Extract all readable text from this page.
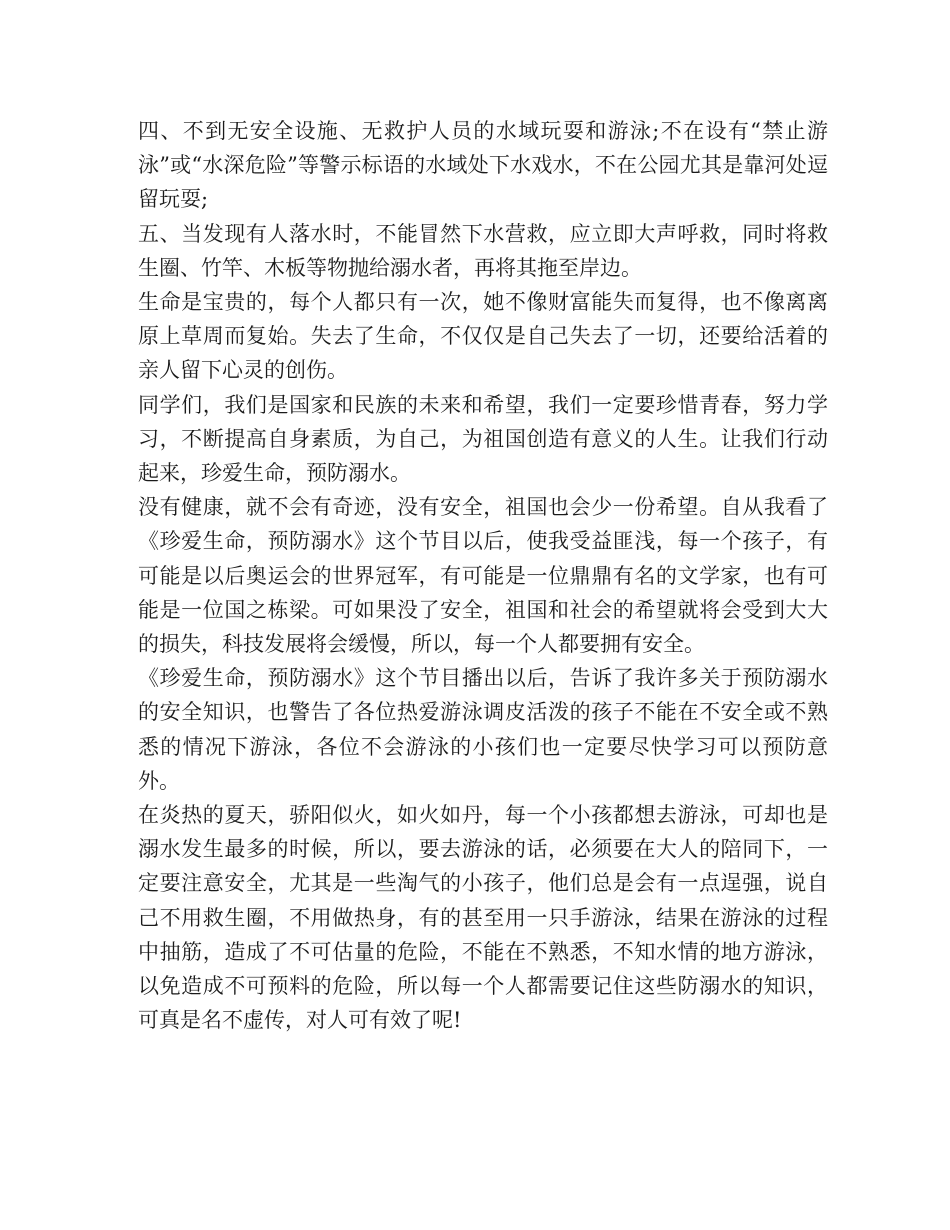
四、不到无安全设施、无救护人员的水域玩耍和游泳;不在设有“禁止游泳”或“水深危险”等警示标语的水域处下水戏水，不在公园尤其是靠河处逗留玩耍;

五、当发现有人落水时，不能冒然下水营救，应立即大声呼救，同时将救生圈、竹竿、木板等物抛给溺水者，再将其拖至岸边。

生命是宝贵的，每个人都只有一次，她不像财富能失而复得，也不像离离原上草周而复始。失去了生命，不仅仅是自己失去了一切，还要给活着的亲人留下心灵的创伤。

同学们，我们是国家和民族的未来和希望，我们一定要珍惜青春，努力学习，不断提高自身素质，为自己，为祖国创造有意义的人生。让我们行动起来，珍爱生命，预防溺水。

没有健康，就不会有奇迹，没有安全，祖国也会少一份希望。自从我看了《珍爱生命，预防溺水》这个节目以后，使我受益匪浅，每一个孩子，有可能是以后奥运会的世界冠军，有可能是一位鼎鼎有名的文学家，也有可能是一位国之栋梁。可如果没了安全，祖国和社会的希望就将会受到大大的损失，科技发展将会缓慢，所以，每一个人都要拥有安全。

《珍爱生命，预防溺水》这个节目播出以后，告诉了我许多关于预防溺水的安全知识，也警告了各位热爱游泳调皮活泼的孩子不能在不安全或不熟悉的情况下游泳，各位不会游泳的小孩们也一定要尽快学习可以预防意外。

在炎热的夏天，骄阳似火，如火如丹，每一个小孩都想去游泳，可却也是溺水发生最多的时候，所以，要去游泳的话，必须要在大人的陪同下，一定要注意安全，尤其是一些淘气的小孩子，他们总是会有一点逞强，说自己不用救生圈，不用做热身，有的甚至用一只手游泳，结果在游泳的过程中抽筋，造成了不可估量的危险，不能在不熟悉，不知水情的地方游泳，以免造成不可预料的危险，所以每一个人都需要记住这些防溺水的知识，可真是名不虚传，对人可有效了呢!
